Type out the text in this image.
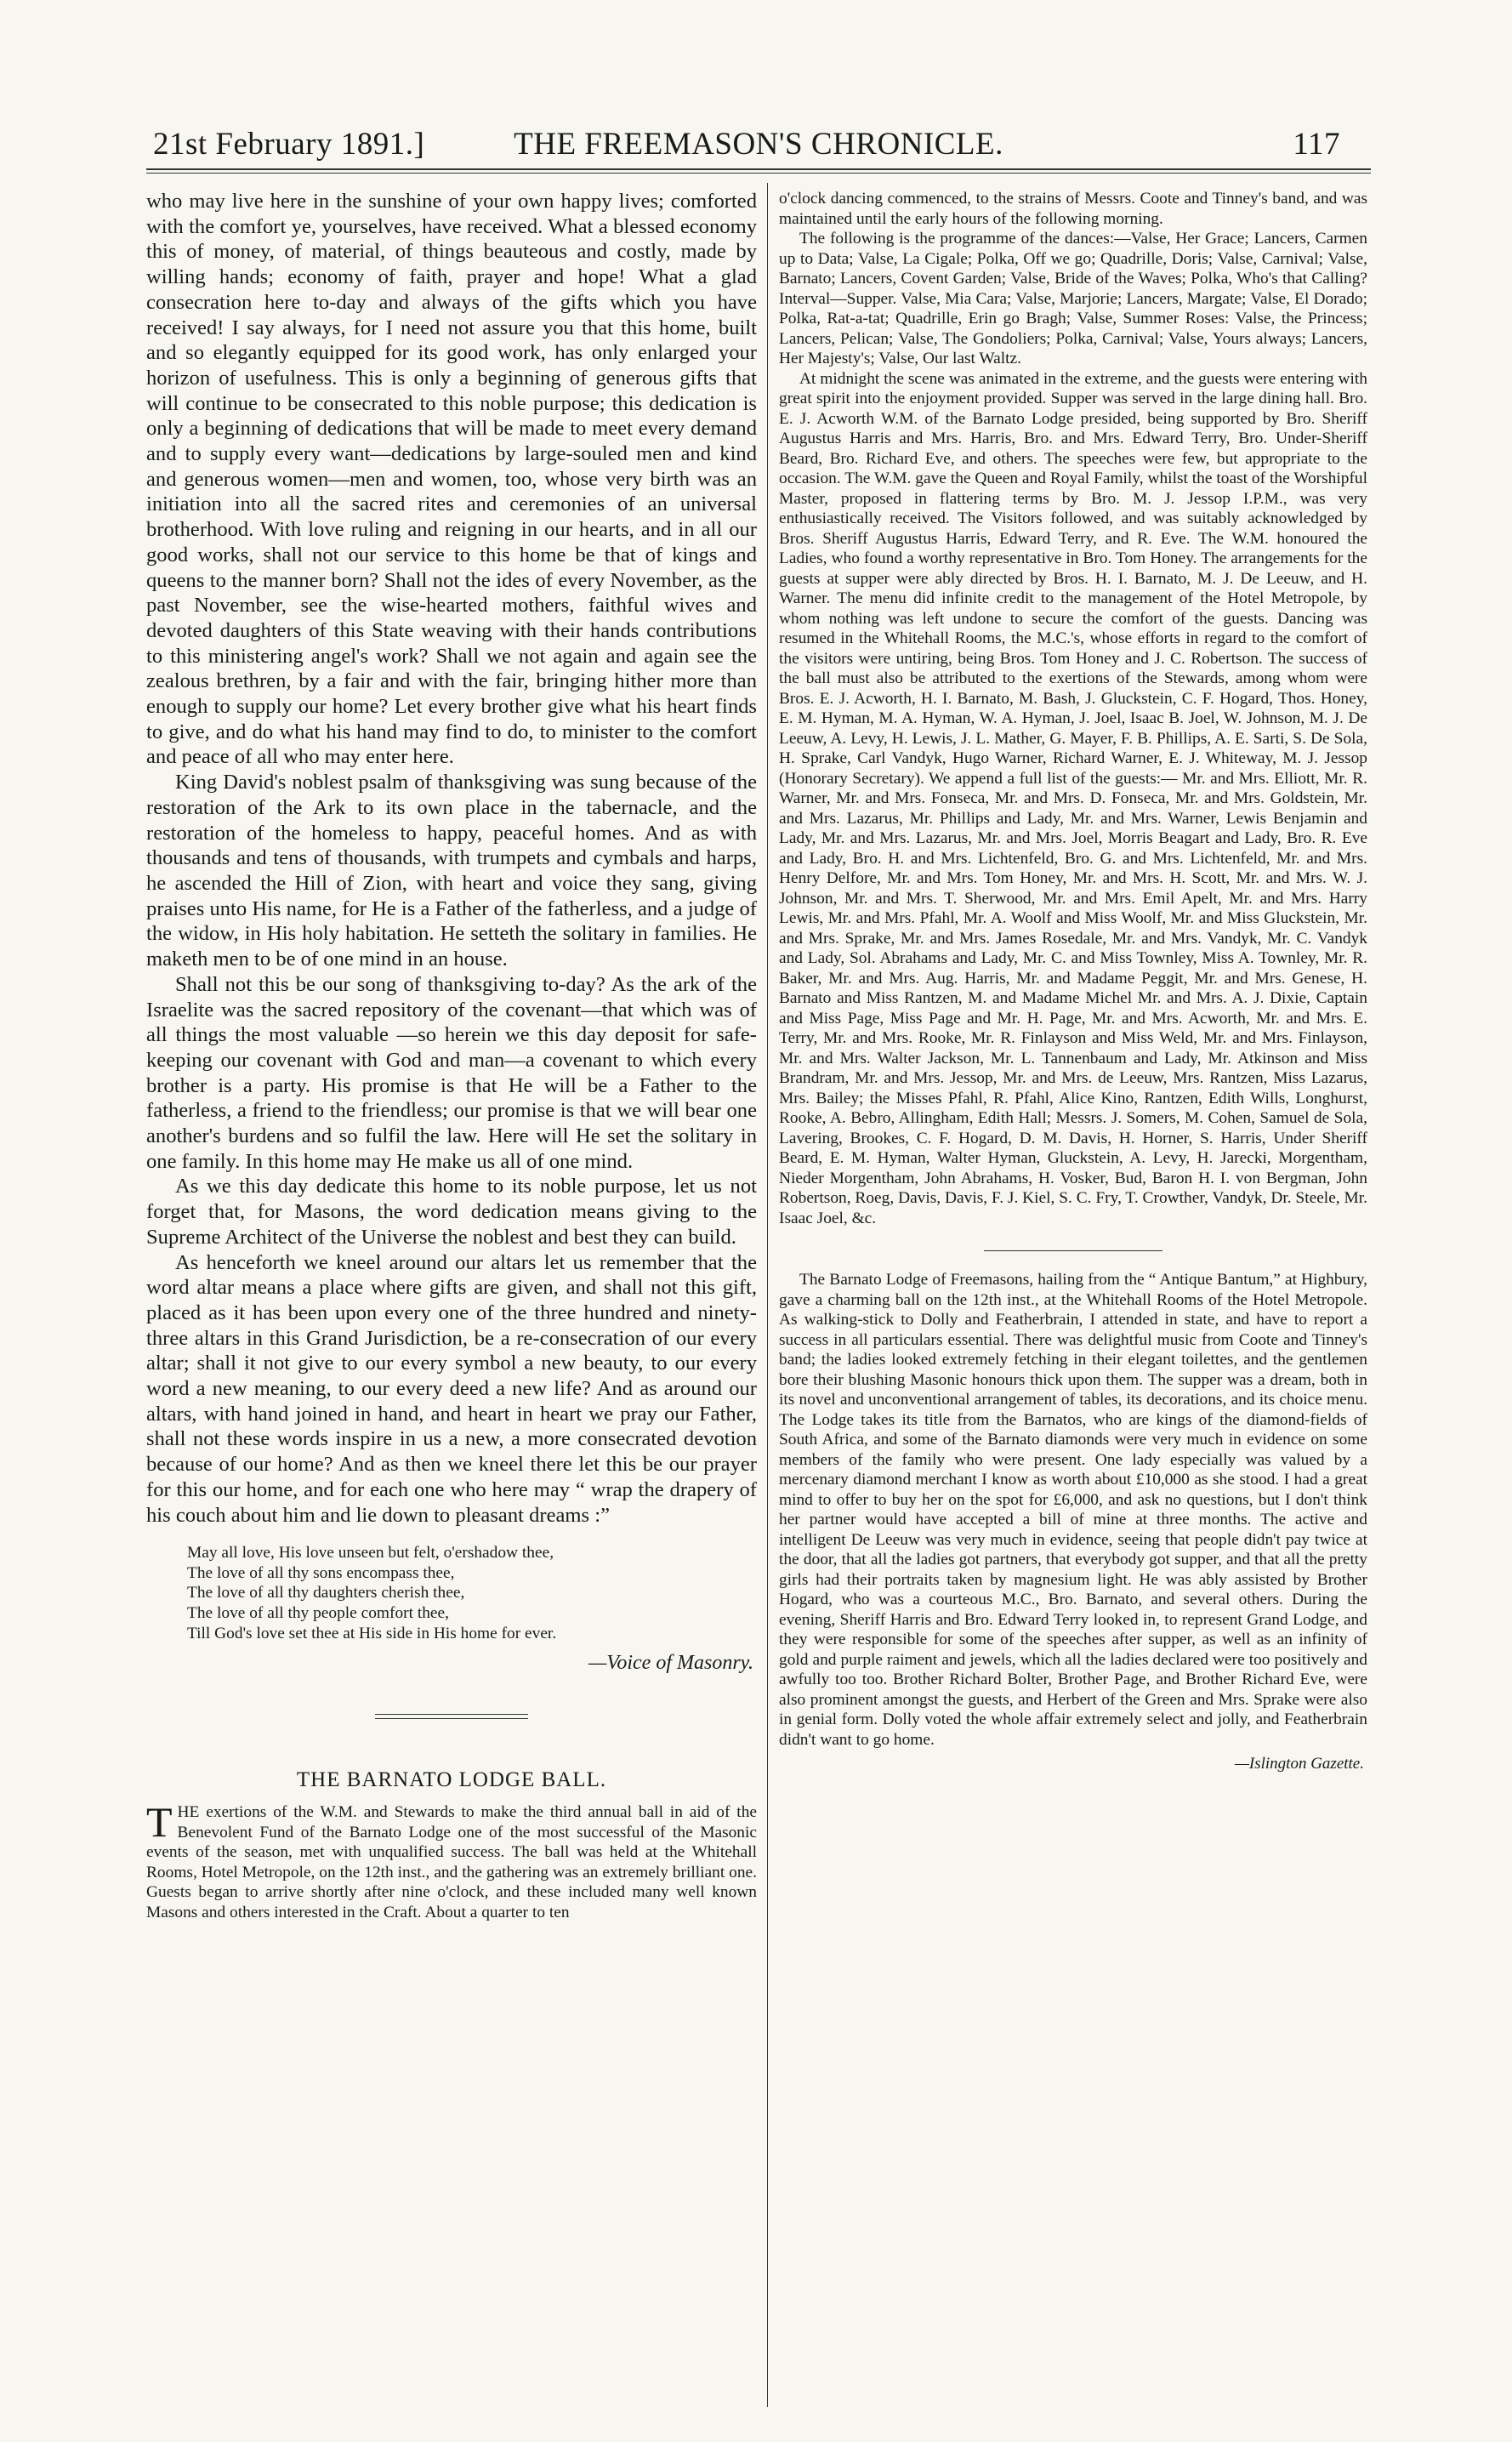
21st February 1891.]	THE FREEMASON'S CHRONICLE.	117

who may live here in the sunshine of your own happy lives; comforted with the comfort ye, yourselves, have received. What a blessed economy this of money, of material, of things beauteous and costly, made by willing hands; economy of faith, prayer and hope! What a glad consecration here to-day and always of the gifts which you have received! I say always, for I need not assure you that this home, built and so elegantly equipped for its good work, has only enlarged your horizon of usefulness. This is only a beginning of generous gifts that will continue to be consecrated to this noble purpose; this dedication is only a beginning of dedications that will be made to meet every demand and to supply every want—dedications by large-souled men and kind and generous women—men and women, too, whose very birth was an initiation into all the sacred rites and ceremonies of an universal brotherhood. With love ruling and reigning in our hearts, and in all our good works, shall not our service to this home be that of kings and queens to the manner born? Shall not the ides of every November, as the past November, see the wise-hearted mothers, faithful wives and devoted daughters of this State weaving with their hands contributions to this ministering angel's work? Shall we not again and again see the zealous brethren, by a fair and with the fair, bringing hither more than enough to supply our home? Let every brother give what his heart finds to give, and do what his hand may find to do, to minister to the comfort and peace of all who may enter here.

King David's noblest psalm of thanksgiving was sung because of the restoration of the Ark to its own place in the tabernacle, and the restoration of the homeless to happy, peaceful homes. And as with thousands and tens of thousands, with trumpets and cymbals and harps, he ascended the Hill of Zion, with heart and voice they sang, giving praises unto His name, for He is a Father of the fatherless, and a judge of the widow, in His holy habitation. He setteth the solitary in families. He maketh men to be of one mind in an house.

Shall not this be our song of thanksgiving to-day? As the ark of the Israelite was the sacred repository of the covenant—that which was of all things the most valuable —so herein we this day deposit for safe-keeping our covenant with God and man—a covenant to which every brother is a party. His promise is that He will be a Father to the fatherless, a friend to the friendless; our promise is that we will bear one another's burdens and so fulfil the law. Here will He set the solitary in one family. In this home may He make us all of one mind.

As we this day dedicate this home to its noble purpose, let us not forget that, for Masons, the word dedication means giving to the Supreme Architect of the Universe the noblest and best they can build.

As henceforth we kneel around our altars let us remember that the word altar means a place where gifts are given, and shall not this gift, placed as it has been upon every one of the three hundred and ninety-three altars in this Grand Jurisdiction, be a re-consecration of our every altar; shall it not give to our every symbol a new beauty, to our every word a new meaning, to our every deed a new life? And as around our altars, with hand joined in hand, and heart in heart we pray our Father, shall not these words inspire in us a new, a more consecrated devotion because of our home? And as then we kneel there let this be our prayer for this our home, and for each one who here may “ wrap the drapery of his couch about him and lie down to pleasant dreams :”

May all love, His love unseen but felt, o'ershadow thee,
The love of all thy sons encompass thee,
The love of all thy daughters cherish thee,
The love of all thy people comfort thee,
Till God's love set thee at His side in His home for ever.
—Voice of Masonry.
THE BARNATO LODGE BALL.

THE exertions of the W.M. and Stewards to make the third annual ball in aid of the Benevolent Fund of the Barnato Lodge one of the most successful of the Masonic events of the season, met with unqualified success. The ball was held at the Whitehall Rooms, Hotel Metropole, on the 12th inst., and the gathering was an extremely brilliant one. Guests began to arrive shortly after nine o'clock, and these included many well known Masons and others interested in the Craft. About a quarter to ten

o'clock dancing commenced, to the strains of Messrs. Coote and Tinney's band, and was maintained until the early hours of the following morning.

The following is the programme of the dances:—Valse, Her Grace; Lancers, Carmen up to Data; Valse, La Cigale; Polka, Off we go; Quadrille, Doris; Valse, Carnival; Valse, Barnato; Lancers, Covent Garden; Valse, Bride of the Waves; Polka, Who's that Calling? Interval—Supper. Valse, Mia Cara; Valse, Marjorie; Lancers, Margate; Valse, El Dorado; Polka, Rat-a-tat; Quadrille, Erin go Bragh; Valse, Summer Roses: Valse, the Princess; Lancers, Pelican; Valse, The Gondoliers; Polka, Carnival; Valse, Yours always; Lancers, Her Majesty's; Valse, Our last Waltz.

At midnight the scene was animated in the extreme, and the guests were entering with great spirit into the enjoyment provided. Supper was served in the large dining hall. Bro. E. J. Acworth W.M. of the Barnato Lodge presided, being supported by Bro. Sheriff Augustus Harris and Mrs. Harris, Bro. and Mrs. Edward Terry, Bro. Under-Sheriff Beard, Bro. Richard Eve, and others. The speeches were few, but appropriate to the occasion. The W.M. gave the Queen and Royal Family, whilst the toast of the Worshipful Master, proposed in flattering terms by Bro. M. J. Jessop I.P.M., was very enthusiastically received. The Visitors followed, and was suitably acknowledged by Bros. Sheriff Augustus Harris, Edward Terry, and R. Eve. The W.M. honoured the Ladies, who found a worthy representative in Bro. Tom Honey. The arrangements for the guests at supper were ably directed by Bros. H. I. Barnato, M. J. De Leeuw, and H. Warner. The menu did infinite credit to the management of the Hotel Metropole, by whom nothing was left undone to secure the comfort of the guests. Dancing was resumed in the Whitehall Rooms, the M.C.'s, whose efforts in regard to the comfort of the visitors were untiring, being Bros. Tom Honey and J. C. Robertson. The success of the ball must also be attributed to the exertions of the Stewards, among whom were Bros. E. J. Acworth, H. I. Barnato, M. Bash, J. Gluckstein, C. F. Hogard, Thos. Honey, E. M. Hyman, M. A. Hyman, W. A. Hyman, J. Joel, Isaac B. Joel, W. Johnson, M. J. De Leeuw, A. Levy, H. Lewis, J. L. Mather, G. Mayer, F. B. Phillips, A. E. Sarti, S. De Sola, H. Sprake, Carl Vandyk, Hugo Warner, Richard Warner, E. J. Whiteway, M. J. Jessop (Honorary Secretary). We append a full list of the guests:— Mr. and Mrs. Elliott, Mr. R. Warner, Mr. and Mrs. Fonseca, Mr. and Mrs. D. Fonseca, Mr. and Mrs. Goldstein, Mr. and Mrs. Lazarus, Mr. Phillips and Lady, Mr. and Mrs. Warner, Lewis Benjamin and Lady, Mr. and Mrs. Lazarus, Mr. and Mrs. Joel, Morris Beagart and Lady, Bro. R. Eve and Lady, Bro. H. and Mrs. Lichtenfeld, Bro. G. and Mrs. Lichtenfeld, Mr. and Mrs. Henry Delfore, Mr. and Mrs. Tom Honey, Mr. and Mrs. H. Scott, Mr. and Mrs. W. J. Johnson, Mr. and Mrs. T. Sherwood, Mr. and Mrs. Emil Apelt, Mr. and Mrs. Harry Lewis, Mr. and Mrs. Pfahl, Mr. A. Woolf and Miss Woolf, Mr. and Miss Gluckstein, Mr. and Mrs. Sprake, Mr. and Mrs. James Rosedale, Mr. and Mrs. Vandyk, Mr. C. Vandyk and Lady, Sol. Abrahams and Lady, Mr. C. and Miss Townley, Miss A. Townley, Mr. R. Baker, Mr. and Mrs. Aug. Harris, Mr. and Madame Peggit, Mr. and Mrs. Genese, H. Barnato and Miss Rantzen, M. and Madame Michel Mr. and Mrs. A. J. Dixie, Captain and Miss Page, Miss Page and Mr. H. Page, Mr. and Mrs. Acworth, Mr. and Mrs. E. Terry, Mr. and Mrs. Rooke, Mr. R. Finlayson and Miss Weld, Mr. and Mrs. Finlayson, Mr. and Mrs. Walter Jackson, Mr. L. Tannenbaum and Lady, Mr. Atkinson and Miss Brandram, Mr. and Mrs. Jessop, Mr. and Mrs. de Leeuw, Mrs. Rantzen, Miss Lazarus, Mrs. Bailey; the Misses Pfahl, R. Pfahl, Alice Kino, Rantzen, Edith Wills, Longhurst, Rooke, A. Bebro, Allingham, Edith Hall; Messrs. J. Somers, M. Cohen, Samuel de Sola, Lavering, Brookes, C. F. Hogard, D. M. Davis, H. Horner, S. Harris, Under Sheriff Beard, E. M. Hyman, Walter Hyman, Gluckstein, A. Levy, H. Jarecki, Morgentham, Nieder Morgentham, John Abrahams, H. Vosker, Bud, Baron H. I. von Bergman, John Robertson, Roeg, Davis, Davis, F. J. Kiel, S. C. Fry, T. Crowther, Vandyk, Dr. Steele, Mr. Isaac Joel, &c.

The Barnato Lodge of Freemasons, hailing from the “ Antique Bantum,” at Highbury, gave a charming ball on the 12th inst., at the Whitehall Rooms of the Hotel Metropole. As walking-stick to Dolly and Featherbrain, I attended in state, and have to report a success in all particulars essential. There was delightful music from Coote and Tinney's band; the ladies looked extremely fetching in their elegant toilettes, and the gentlemen bore their blushing Masonic honours thick upon them. The supper was a dream, both in its novel and unconventional arrangement of tables, its decorations, and its choice menu. The Lodge takes its title from the Barnatos, who are kings of the diamond-fields of South Africa, and some of the Barnato diamonds were very much in evidence on some members of the family who were present. One lady especially was valued by a mercenary diamond merchant I know as worth about £10,000 as she stood. I had a great mind to offer to buy her on the spot for £6,000, and ask no questions, but I don't think her partner would have accepted a bill of mine at three months. The active and intelligent De Leeuw was very much in evidence, seeing that people didn't pay twice at the door, that all the ladies got partners, that everybody got supper, and that all the pretty girls had their portraits taken by magnesium light. He was ably assisted by Brother Hogard, who was a courteous M.C., Bro. Barnato, and several others. During the evening, Sheriff Harris and Bro. Edward Terry looked in, to represent Grand Lodge, and they were responsible for some of the speeches after supper, as well as an infinity of gold and purple raiment and jewels, which all the ladies declared were too positively and awfully too too. Brother Richard Bolter, Brother Page, and Brother Richard Eve, were also prominent amongst the guests, and Herbert of the Green and Mrs. Sprake were also in genial form. Dolly voted the whole affair extremely select and jolly, and Featherbrain didn't want to go home.

—Islington Gazette.
